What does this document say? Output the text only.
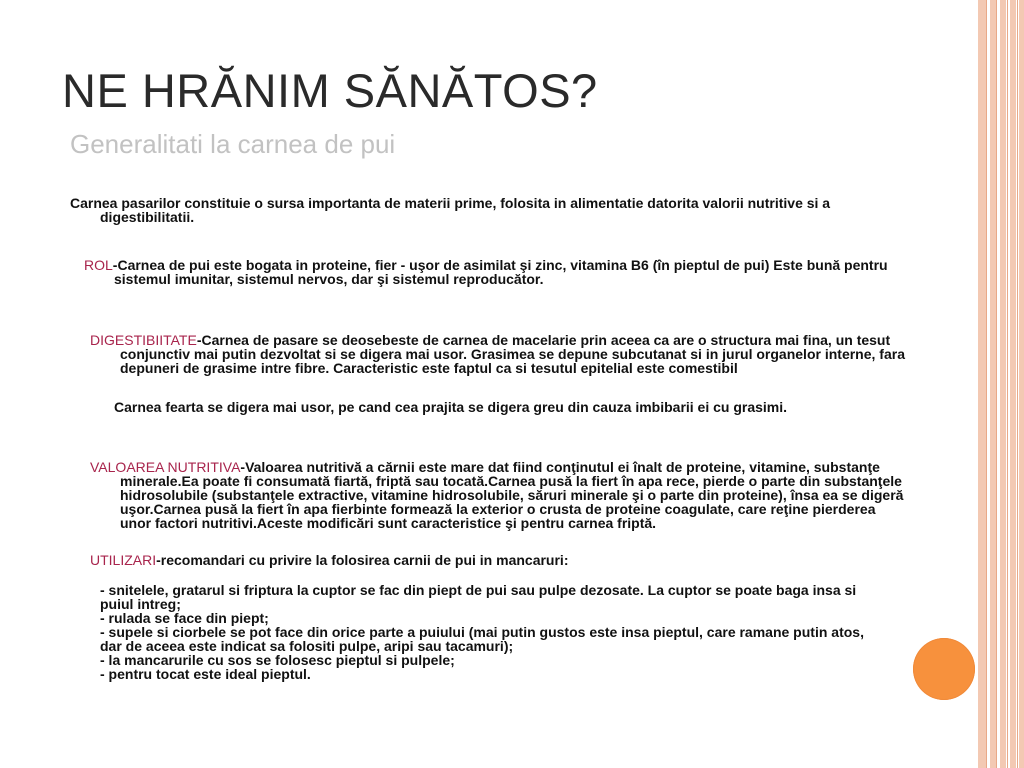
NE HRĂNIM SĂNĂTOS?
Generalitati la carnea de pui

Carnea pasarilor constituie o sursa importanta de materii prime, folosita in alimentatie datorita valorii nutritive si a digestibilitatii.

ROL-Carnea de pui este bogata in proteine, fier - uşor de asimilat şi zinc, vitamina B6 (în pieptul de pui) Este bună pentru sistemul imunitar, sistemul nervos, dar şi sistemul reproducător.

DIGESTIBIITATE-Carnea de pasare se deosebeste de carnea de macelarie prin aceea ca are o structura mai fina, un tesut conjunctiv mai putin dezvoltat si se digera mai usor. Grasimea se depune subcutanat si in jurul organelor interne, fara depuneri de grasime intre fibre. Caracteristic este faptul ca si tesutul epitelial este comestibil

Carnea fearta se digera mai usor, pe cand cea prajita se digera greu din cauza imbibarii ei cu grasimi.

VALOAREA NUTRITIVA-Valoarea nutritivă a cărnii este mare dat fiind conţinutul ei înalt de proteine, vitamine, substanţe minerale.Ea poate fi consumată fiartă, friptă sau tocată.Carnea pusă la fiert în apa rece, pierde o parte din substanţele hidrosolubile (substanţele extractive, vitamine hidrosolubile, săruri minerale şi o parte din proteine), însa ea se digeră uşor.Carnea pusă la fiert în apa fierbinte formează la exterior o crusta de proteine coagulate, care reţine pierderea unor factori nutritivi.Aceste modificări sunt caracteristice şi pentru carnea friptă.

UTILIZARI-recomandari cu privire la folosirea carnii de pui in mancaruri:

- snitelele, gratarul si friptura la cuptor se fac din piept de pui sau pulpe dezosate. La cuptor se poate baga insa si puiul intreg;
- rulada se face din piept;
- supele si ciorbele se pot face din orice parte a puiului (mai putin gustos este insa pieptul, care ramane putin atos, dar de aceea este indicat sa folositi pulpe, aripi sau tacamuri);
- la mancarurile cu sos se folosesc pieptul si pulpele;
- pentru tocat este ideal pieptul.
